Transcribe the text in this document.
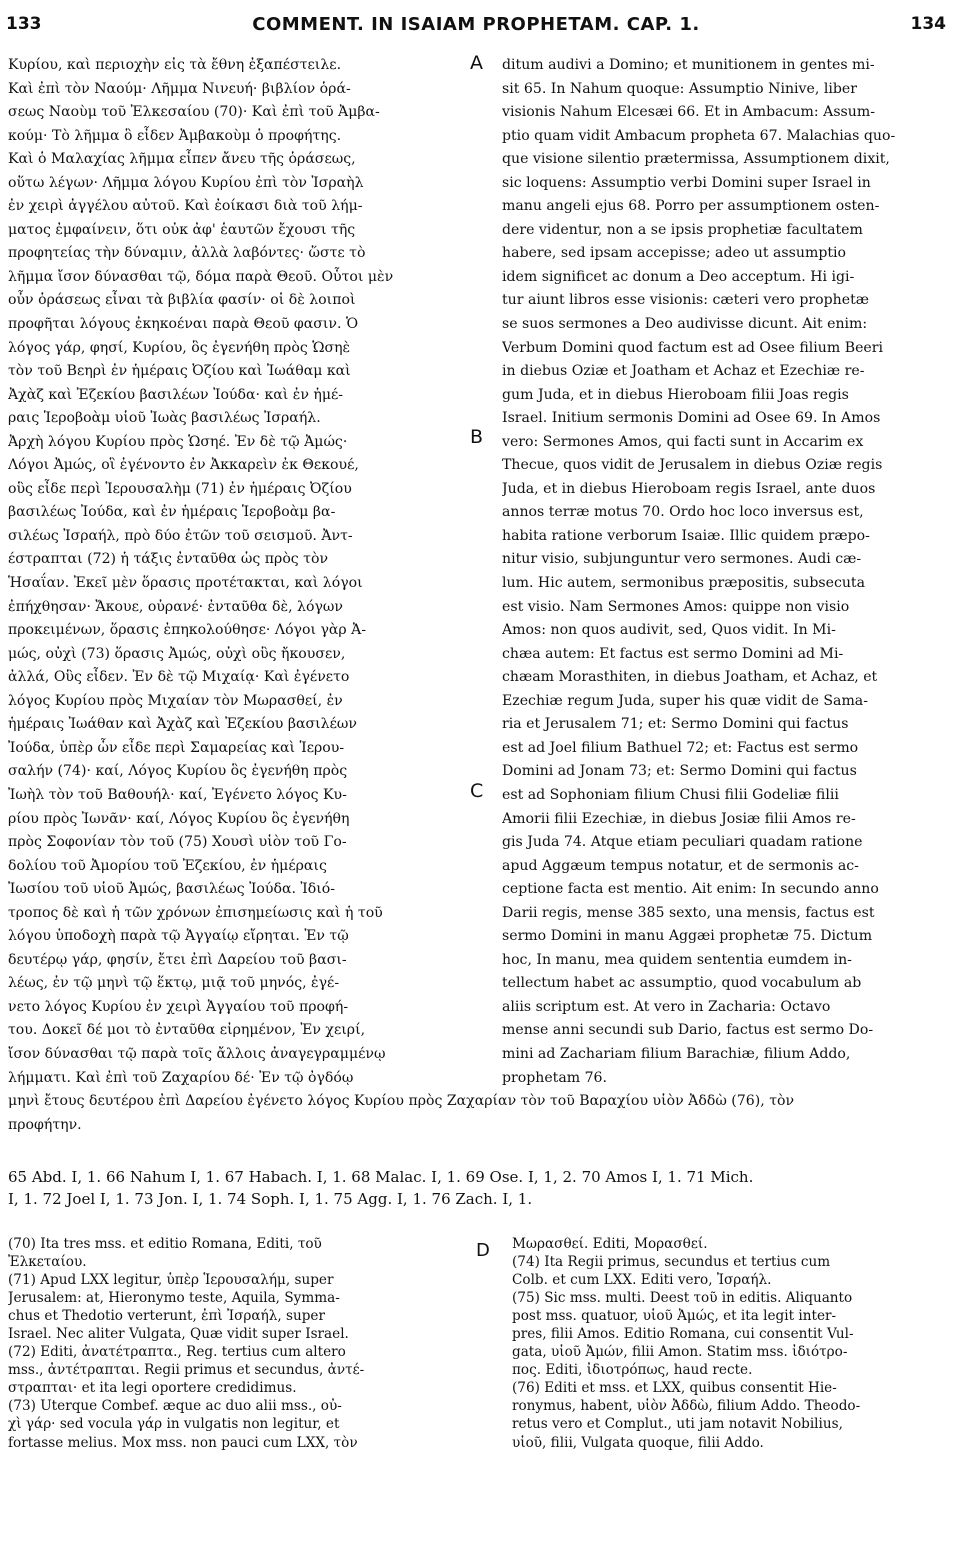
133	COMMENT. IN ISAIAM PROPHETAM. CAP. 1.	134
Κυρίου, καὶ περιοχὴν εἰς τὰ ἔθνη ἐξαπέστειλε.
Καὶ ἐπὶ τὸν Ναούμ· Λῆμμα Νινευή· βιβλίον ὁρά-
σεως Ναοὺμ τοῦ Ἐλκεσαίου (70)· Καὶ ἐπὶ τοῦ Ἀμβα-
κούμ· Τὸ λῆμμα ὃ εἶδεν Ἀμβακοὺμ ὁ προφήτης.
Καὶ ὁ Μαλαχίας λῆμμα εἶπεν ἄνευ τῆς ὁράσεως,
οὕτω λέγων· Λῆμμα λόγου Κυρίου ἐπὶ τὸν Ἰσραὴλ
ἐν χειρὶ ἀγγέλου αὐτοῦ. Καὶ ἐοίκασι διὰ τοῦ λήμ-
ματος ἐμφαίνειν, ὅτι οὐκ ἀφ' ἑαυτῶν ἔχουσι τῆς
προφητείας τὴν δύναμιν, ἀλλὰ λαβόντες· ὥστε τὸ
λῆμμα ἴσον δύνασθαι τῷ, δόμα παρὰ Θεοῦ. Οὗτοι μὲν
οὖν ὁράσεως εἶναι τὰ βιβλία φασίν· οἱ δὲ λοιποὶ
προφῆται λόγους ἐκηκοέναι παρὰ Θεοῦ φασιν. Ὁ
λόγος γάρ, φησί, Κυρίου, ὃς ἐγενήθη πρὸς Ὡσηὲ
τὸν τοῦ Βεηρὶ ἐν ἡμέραις Ὀζίου καὶ Ἰωάθαμ καὶ
Ἀχὰζ καὶ Ἐζεκίου βασιλέων Ἰούδα· καὶ ἐν ἡμέ-
ραις Ἱεροβοὰμ υἱοῦ Ἰωὰς βασιλέως Ἰσραήλ.
Ἀρχὴ λόγου Κυρίου πρὸς Ὡσηέ. Ἐν δὲ τῷ Ἀμώς·
Λόγοι Ἀμώς, οἳ ἐγένοντο ἐν Ἀκκαρεὶν ἐκ Θεκουέ,
οὓς εἶδε περὶ Ἱερουσαλὴμ (71) ἐν ἡμέραις Ὀζίου
βασιλέως Ἰούδα, καὶ ἐν ἡμέραις Ἱεροβοὰμ βα-
σιλέως Ἰσραήλ, πρὸ δύο ἐτῶν τοῦ σεισμοῦ. Ἀντ-
έστραπται (72) ἡ τάξις ἐνταῦθα ὡς πρὸς τὸν
Ἡσαΐαν. Ἐκεῖ μὲν ὅρασις προτέτακται, καὶ λόγοι
ἐπήχθησαν· Ἄκουε, οὐρανέ· ἐνταῦθα δὲ, λόγων
προκειμένων, ὅρασις ἐπηκολούθησε· Λόγοι γὰρ Ἀ-
μώς, οὐχὶ (73) ὅρασις Ἀμώς, οὐχὶ οὓς ἤκουσεν,
ἀλλά, Οὓς εἶδεν. Ἐν δὲ τῷ Μιχαίᾳ· Καὶ ἐγένετο
λόγος Κυρίου πρὸς Μιχαίαν τὸν Μωρασθεί, ἐν
ἡμέραις Ἰωάθαν καὶ Ἀχὰζ καὶ Ἐζεκίου βασιλέων
Ἰούδα, ὑπὲρ ὧν εἶδε περὶ Σαμαρείας καὶ Ἱερου-
σαλήν (74)· καί, Λόγος Κυρίου ὃς ἐγενήθη πρὸς
Ἰωὴλ τὸν τοῦ Βαθουήλ· καί, Ἐγένετο λόγος Κυ-
ρίου πρὸς Ἰωνᾶν· καί, Λόγος Κυρίου ὃς ἐγενήθη
πρὸς Σοφονίαν τὸν τοῦ (75) Χουσὶ υἱὸν τοῦ Γο-
δολίου τοῦ Ἀμορίου τοῦ Ἐζεκίου, ἐν ἡμέραις
Ἰωσίου τοῦ υἱοῦ Ἀμώς, βασιλέως Ἰούδα. Ἰδιό-
τροπος δὲ καὶ ἡ τῶν χρόνων ἐπισημείωσις καὶ ἡ τοῦ
λόγου ὑποδοχὴ παρὰ τῷ Ἀγγαίῳ εἴρηται. Ἐν τῷ
δευτέρῳ γάρ, φησίν, ἔτει ἐπὶ Δαρείου τοῦ βασι-
λέως, ἐν τῷ μηνὶ τῷ ἕκτῳ, μιᾷ τοῦ μηνός, ἐγέ-
νετο λόγος Κυρίου ἐν χειρὶ Ἀγγαίου τοῦ προφή-
του. Δοκεῖ δέ μοι τὸ ἐνταῦθα εἰρημένον, Ἐν χειρί,
ἴσον δύνασθαι τῷ παρὰ τοῖς ἄλλοις ἀναγεγραμμένῳ
λήμματι. Καὶ ἐπὶ τοῦ Ζαχαρίου δέ· Ἐν τῷ ὀγδόῳ
ditum audivi a Domino; et munitionem in gentes mi-
sit 65. In Nahum quoque: Assumptio Ninive, liber
visionis Nahum Elcesæi 66. Et in Ambacum: Assum-
ptio quam vidit Ambacum propheta 67. Malachias quo-
que visione silentio prætermissa, Assumptionem dixit,
sic loquens: Assumptio verbi Domini super Israel in
manu angeli ejus 68. Porro per assumptionem osten-
dere videntur, non a se ipsis prophetiæ facultatem
habere, sed ipsam accepisse; adeo ut assumptio
idem significet ac donum a Deo acceptum. Hi igi-
tur aiunt libros esse visionis: cæteri vero prophetæ
se suos sermones a Deo audivisse dicunt. Ait enim:
Verbum Domini quod factum est ad Osee filium Beeri
in diebus Oziæ et Joatham et Achaz et Ezechiæ re-
gum Juda, et in diebus Hieroboam filii Joas regis
Israel. Initium sermonis Domini ad Osee 69. In Amos
vero: Sermones Amos, qui facti sunt in Accarim ex
Thecue, quos vidit de Jerusalem in diebus Oziæ regis
Juda, et in diebus Hieroboam regis Israel, ante duos
annos terræ motus 70. Ordo hoc loco inversus est,
habita ratione verborum Isaiæ. Illic quidem præpo-
nitur visio, subjunguntur vero sermones. Audi cæ-
lum. Hic autem, sermonibus præpositis, subsecuta
est visio. Nam Sermones Amos: quippe non visio
Amos: non quos audivit, sed, Quos vidit. In Mi-
chæa autem: Et factus est sermo Domini ad Mi-
chæam Morasthiten, in diebus Joatham, et Achaz, et
Ezechiæ regum Juda, super his quæ vidit de Sama-
ria et Jerusalem 71; et: Sermo Domini qui factus
est ad Joel filium Bathuel 72; et: Factus est sermo
Domini ad Jonam 73; et: Sermo Domini qui factus
est ad Sophoniam filium Chusi filii Godeliæ filii
Amorii filii Ezechiæ, in diebus Josiæ filii Amos re-
gis Juda 74. Atque etiam peculiari quadam ratione
apud Aggæum tempus notatur, et de sermonis ac-
ceptione facta est mentio. Ait enim: In secundo anno
Darii regis, mense 385 sexto, una mensis, factus est
sermo Domini in manu Aggæi prophetæ 75. Dictum
hoc, In manu, mea quidem sententia eumdem in-
tellectum habet ac assumptio, quod vocabulum ab
aliis scriptum est. At vero in Zacharia: Octavo
mense anni secundi sub Dario, factus est sermo Do-
mini ad Zachariam filium Barachiæ, filium Addo,
prophetam 76.
A
B
C
μηνὶ ἔτους δευτέρου ἐπὶ Δαρείου ἐγένετο λόγος Κυρίου πρὸς Ζαχαρίαν τὸν τοῦ Βαραχίου υἱὸν Ἀδδὼ (76), τὸν
προφήτην.
65 Abd. I, 1. 66 Nahum I, 1. 67 Habach. I, 1. 68 Malac. I, 1. 69 Ose. I, 1, 2. 70 Amos I, 1. 71 Mich.
I, 1. 72 Joel I, 1. 73 Jon. I, 1. 74 Soph. I, 1. 75 Agg. I, 1. 76 Zach. I, 1.
(70) Ita tres mss. et editio Romana, Editi, τοῦ
Ἐλκεταίου.
(71) Apud LXX legitur, ὑπὲρ Ἱερουσαλήμ, super
Jerusalem: at, Hieronymo teste, Aquila, Symma-
chus et Thedotio verterunt, ἐπὶ Ἰσραήλ, super
Israel. Nec aliter Vulgata, Quæ vidit super Israel.
(72) Editi, ἀνατέτραπτα., Reg. tertius cum altero
mss., ἀντέτραπται. Regii primus et secundus, ἀντέ-
στραπται· et ita legi oportere credidimus.
(73) Uterque Combef. æque ac duo alii mss., οὐ-
χὶ γάρ· sed vocula γάρ in vulgatis non legitur, et
fortasse melius. Mox mss. non pauci cum LXX, τὸν
D Μωρασθεί. Editi, Μορασθεί.
(74) Ita Regii primus, secundus et tertius cum
Colb. et cum LXX. Editi vero, Ἰσραήλ.
(75) Sic mss. multi. Deest τοῦ in editis. Aliquanto
post mss. quatuor, υἱοῦ Ἀμώς, et ita legit inter-
pres, filii Amos. Editio Romana, cui consentit Vul-
gata, υἱοῦ Ἀμών, filii Amon. Statim mss. ἰδιότρο-
πος. Editi, ἰδιοτρόπως, haud recte.
(76) Editi et mss. et LXX, quibus consentit Hie-
ronymus, habent, υἱὸν Ἀδδὼ, filium Addo. Theodo-
retus vero et Complut., uti jam notavit Nobilius,
υἱοῦ, filii, Vulgata quoque, filii Addo.
